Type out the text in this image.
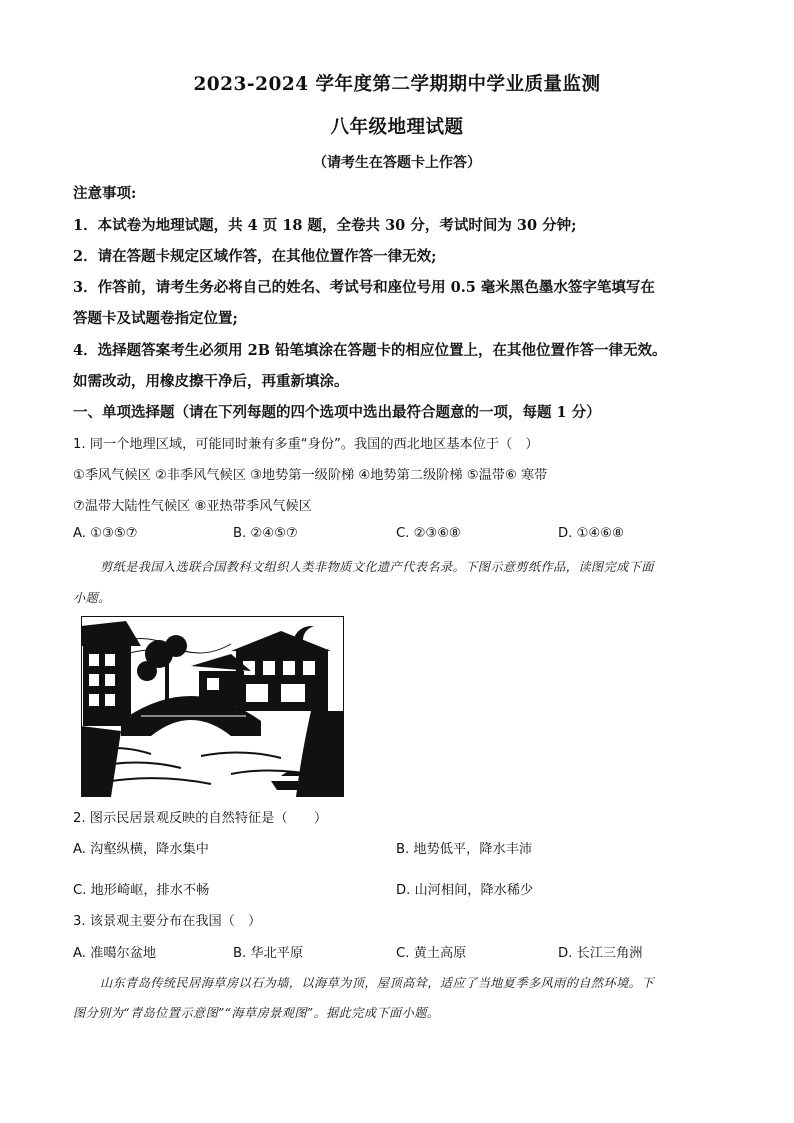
2023-2024 学年度第二学期期中学业质量监测
八年级地理试题
（请考生在答题卡上作答）
注意事项:
1．本试卷为地理试题，共 4 页 18 题，全卷共 30 分，考试时间为 30 分钟;
2．请在答题卡规定区域作答，在其他位置作答一律无效;
3．作答前，请考生务必将自己的姓名、考试号和座位号用 0.5 毫米黑色墨水签字笔填写在
答题卡及试题卷指定位置;
4．选择题答案考生必须用 2B 铅笔填涂在答题卡的相应位置上，在其他位置作答一律无效。
如需改动，用橡皮擦干净后，再重新填涂。
一、单项选择题（请在下列每题的四个选项中选出最符合题意的一项，每题 1 分）
1. 同一个地理区域，可能同时兼有多重“身份”。我国的西北地区基本位于（　）
①季风气候区 ②非季风气候区 ③地势第一级阶梯 ④地势第二级阶梯 ⑤温带⑥ 寒带
⑦温带大陆性气候区 ⑧亚热带季风气候区
A. ①③⑤⑦	B. ②④⑤⑦	C. ②③⑥⑧	D. ①④⑥⑧
剪纸是我国入选联合国教科文组织人类非物质文化遗产代表名录。下图示意剪纸作品，读图完成下面
小题。
2. 图示民居景观反映的自然特征是（　　）
A. 沟壑纵横，降水集中	B. 地势低平，降水丰沛
C. 地形崎岖，排水不畅	D. 山河相间，降水稀少
3. 该景观主要分布在我国（　）
A. 准噶尔盆地	B. 华北平原	C. 黄土高原	D. 长江三角洲
山东青岛传统民居海草房以石为墙，以海草为顶，屋顶高耸，适应了当地夏季多风雨的自然环境。下
图分别为“青岛位置示意图”“海草房景观图”。据此完成下面小题。
